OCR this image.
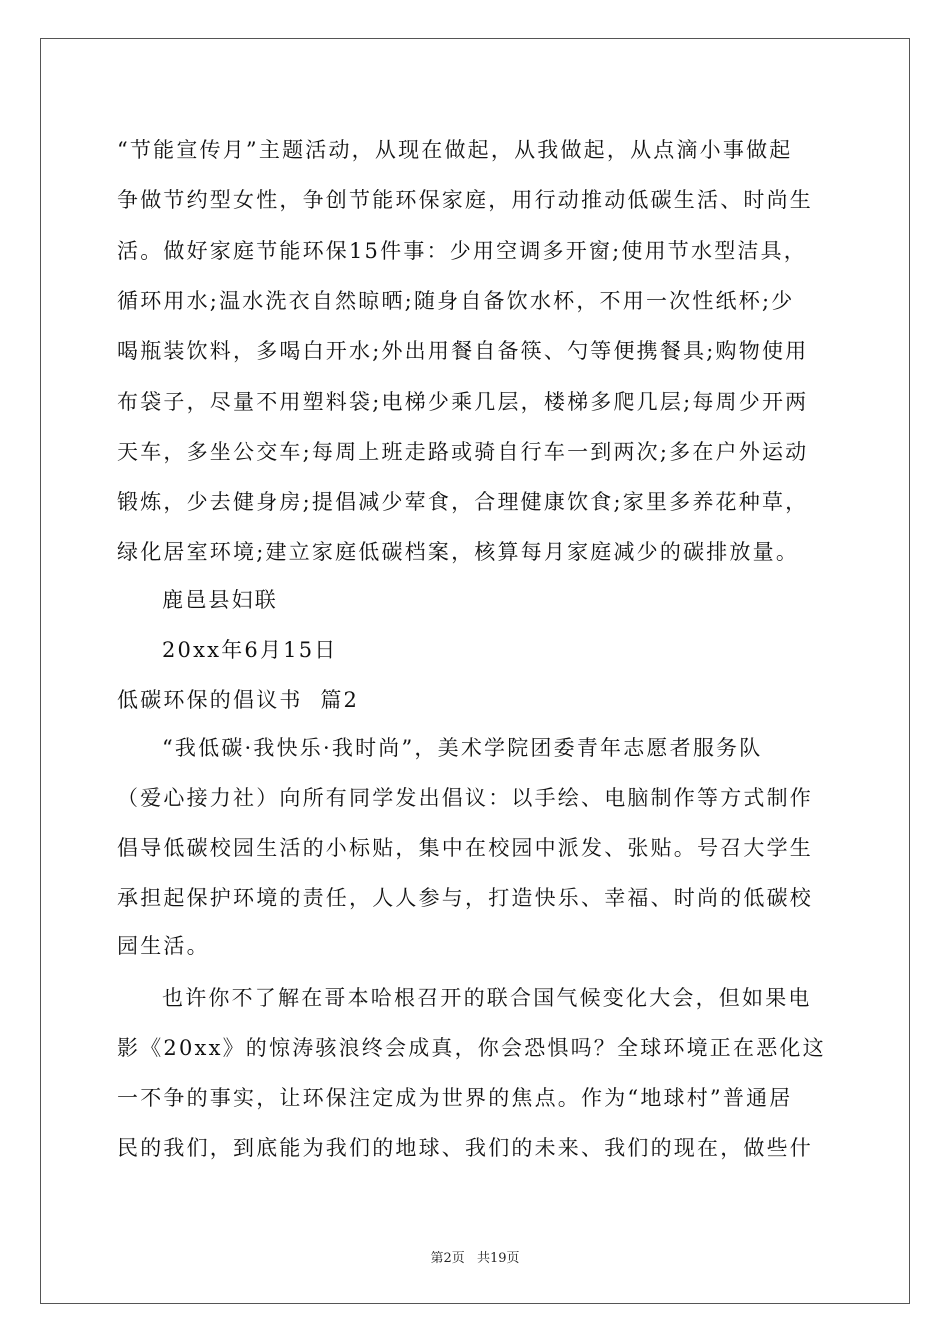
“节能宣传月”主题活动，从现在做起，从我做起，从点滴小事做起
争做节约型女性，争创节能环保家庭，用行动推动低碳生活、时尚生
活。做好家庭节能环保15件事：少用空调多开窗;使用节水型洁具，
循环用水;温水洗衣自然晾晒;随身自备饮水杯，不用一次性纸杯;少
喝瓶装饮料，多喝白开水;外出用餐自备筷、勺等便携餐具;购物使用
布袋子，尽量不用塑料袋;电梯少乘几层，楼梯多爬几层;每周少开两
天车，多坐公交车;每周上班走路或骑自行车一到两次;多在户外运动
锻炼，少去健身房;提倡减少荤食，合理健康饮食;家里多养花种草，
绿化居室环境;建立家庭低碳档案，核算每月家庭减少的碳排放量。
鹿邑县妇联
20xx年6月15日
低碳环保的倡议书  篇2
“我低碳·我快乐·我时尚”，美术学院团委青年志愿者服务队
（爱心接力社）向所有同学发出倡议：以手绘、电脑制作等方式制作
倡导低碳校园生活的小标贴，集中在校园中派发、张贴。号召大学生
承担起保护环境的责任，人人参与，打造快乐、幸福、时尚的低碳校
园生活。
也许你不了解在哥本哈根召开的联合国气候变化大会，但如果电
影《20xx》的惊涛骇浪终会成真，你会恐惧吗？全球环境正在恶化这
一不争的事实，让环保注定成为世界的焦点。作为“地球村”普通居
民的我们，到底能为我们的地球、我们的未来、我们的现在，做些什
第2页 共19页
